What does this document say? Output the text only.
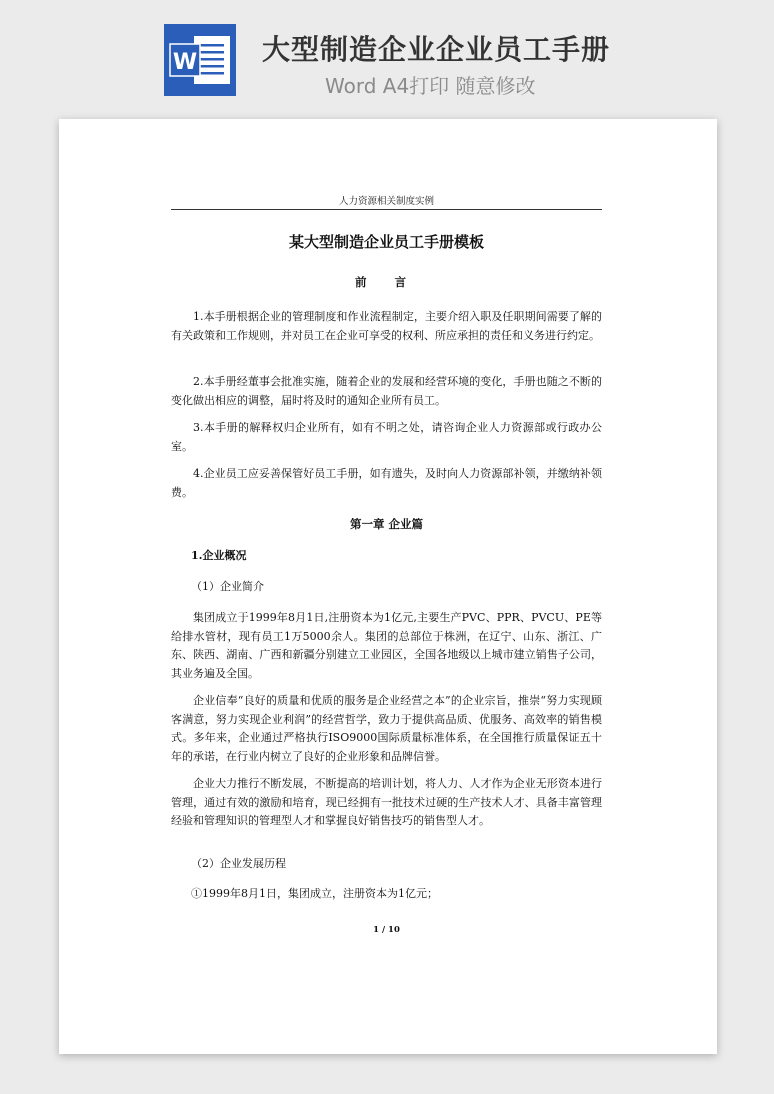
W 大型制造企业企业员工手册
Word A4打印 随意修改
人力资源相关制度实例
某大型制造企业员工手册模板
前 言
1.本手册根据企业的管理制度和作业流程制定，主要介绍入职及任职期间需要了解的有关政策和工作规则，并对员工在企业可享受的权利、所应承担的责任和义务进行约定。
2.本手册经董事会批准实施，随着企业的发展和经营环境的变化，手册也随之不断的变化做出相应的调整，届时将及时的通知企业所有员工。
3.本手册的解释权归企业所有，如有不明之处，请咨询企业人力资源部或行政办公室。
4.企业员工应妥善保管好员工手册，如有遗失，及时向人力资源部补领，并缴纳补领费。
第一章 企业篇
1.企业概况
（1）企业简介
集团成立于1999年8月1日,注册资本为1亿元,主要生产PVC、PPR、PVCU、PE等给排水管材，现有员工1万5000余人。集团的总部位于株洲，在辽宁、山东、浙江、广东、陕西、湖南、广西和新疆分别建立工业园区，全国各地级以上城市建立销售子公司，其业务遍及全国。
企业信奉“良好的质量和优质的服务是企业经营之本”的企业宗旨，推崇“努力实现顾客满意，努力实现企业利润”的经营哲学，致力于提供高品质、优服务、高效率的销售模式。多年来，企业通过严格执行ISO9000国际质量标准体系，在全国推行质量保证五十年的承诺，在行业内树立了良好的企业形象和品牌信誉。
企业大力推行不断发展，不断提高的培训计划，将人力、人才作为企业无形资本进行管理，通过有效的激励和培育，现已经拥有一批技术过硬的生产技术人才、具备丰富管理经验和管理知识的管理型人才和掌握良好销售技巧的销售型人才。
（2）企业发展历程
①1999年8月1日，集团成立，注册资本为1亿元；
1 / 10
